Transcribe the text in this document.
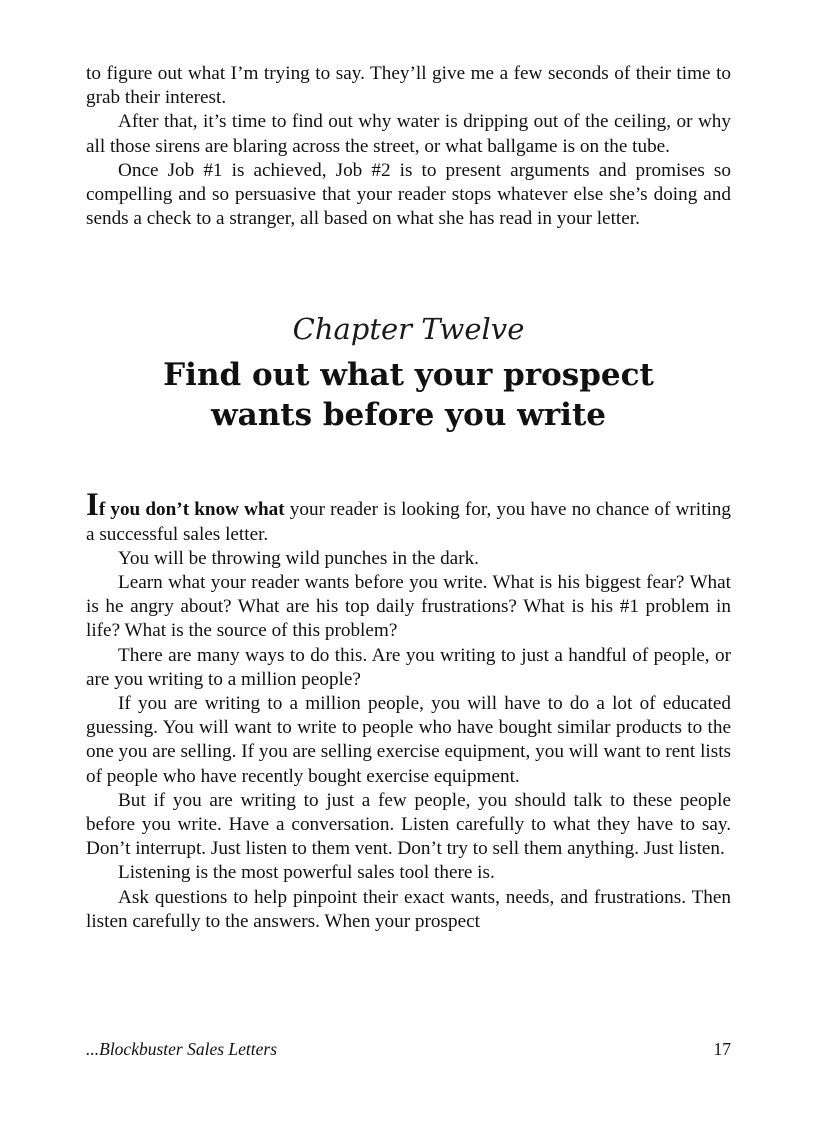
to figure out what I’m trying to say. They’ll give me a few seconds of their time to grab their interest.

After that, it’s time to find out why water is dripping out of the ceiling, or why all those sirens are blaring across the street, or what ballgame is on the tube.

Once Job #1 is achieved, Job #2 is to present arguments and promises so compelling and so persuasive that your reader stops whatever else she’s doing and sends a check to a stranger, all based on what she has read in your letter.

Chapter Twelve

Find out what your prospect
wants before you write

If you don’t know what your reader is looking for, you have no chance of writing a successful sales letter.

You will be throwing wild punches in the dark.

Learn what your reader wants before you write. What is his biggest fear? What is he angry about? What are his top daily frustrations? What is his #1 problem in life? What is the source of this problem?

There are many ways to do this. Are you writing to just a handful of people, or are you writing to a million people?

If you are writing to a million people, you will have to do a lot of educated guessing. You will want to write to people who have bought similar products to the one you are selling. If you are selling exercise equipment, you will want to rent lists of people who have recently bought exercise equipment.

But if you are writing to just a few people, you should talk to these people before you write. Have a conversation. Listen carefully to what they have to say. Don’t interrupt. Just listen to them vent. Don’t try to sell them anything. Just listen.

Listening is the most powerful sales tool there is.

Ask questions to help pinpoint their exact wants, needs, and frustrations. Then listen carefully to the answers. When your prospect

...Blockbuster Sales Letters	17
